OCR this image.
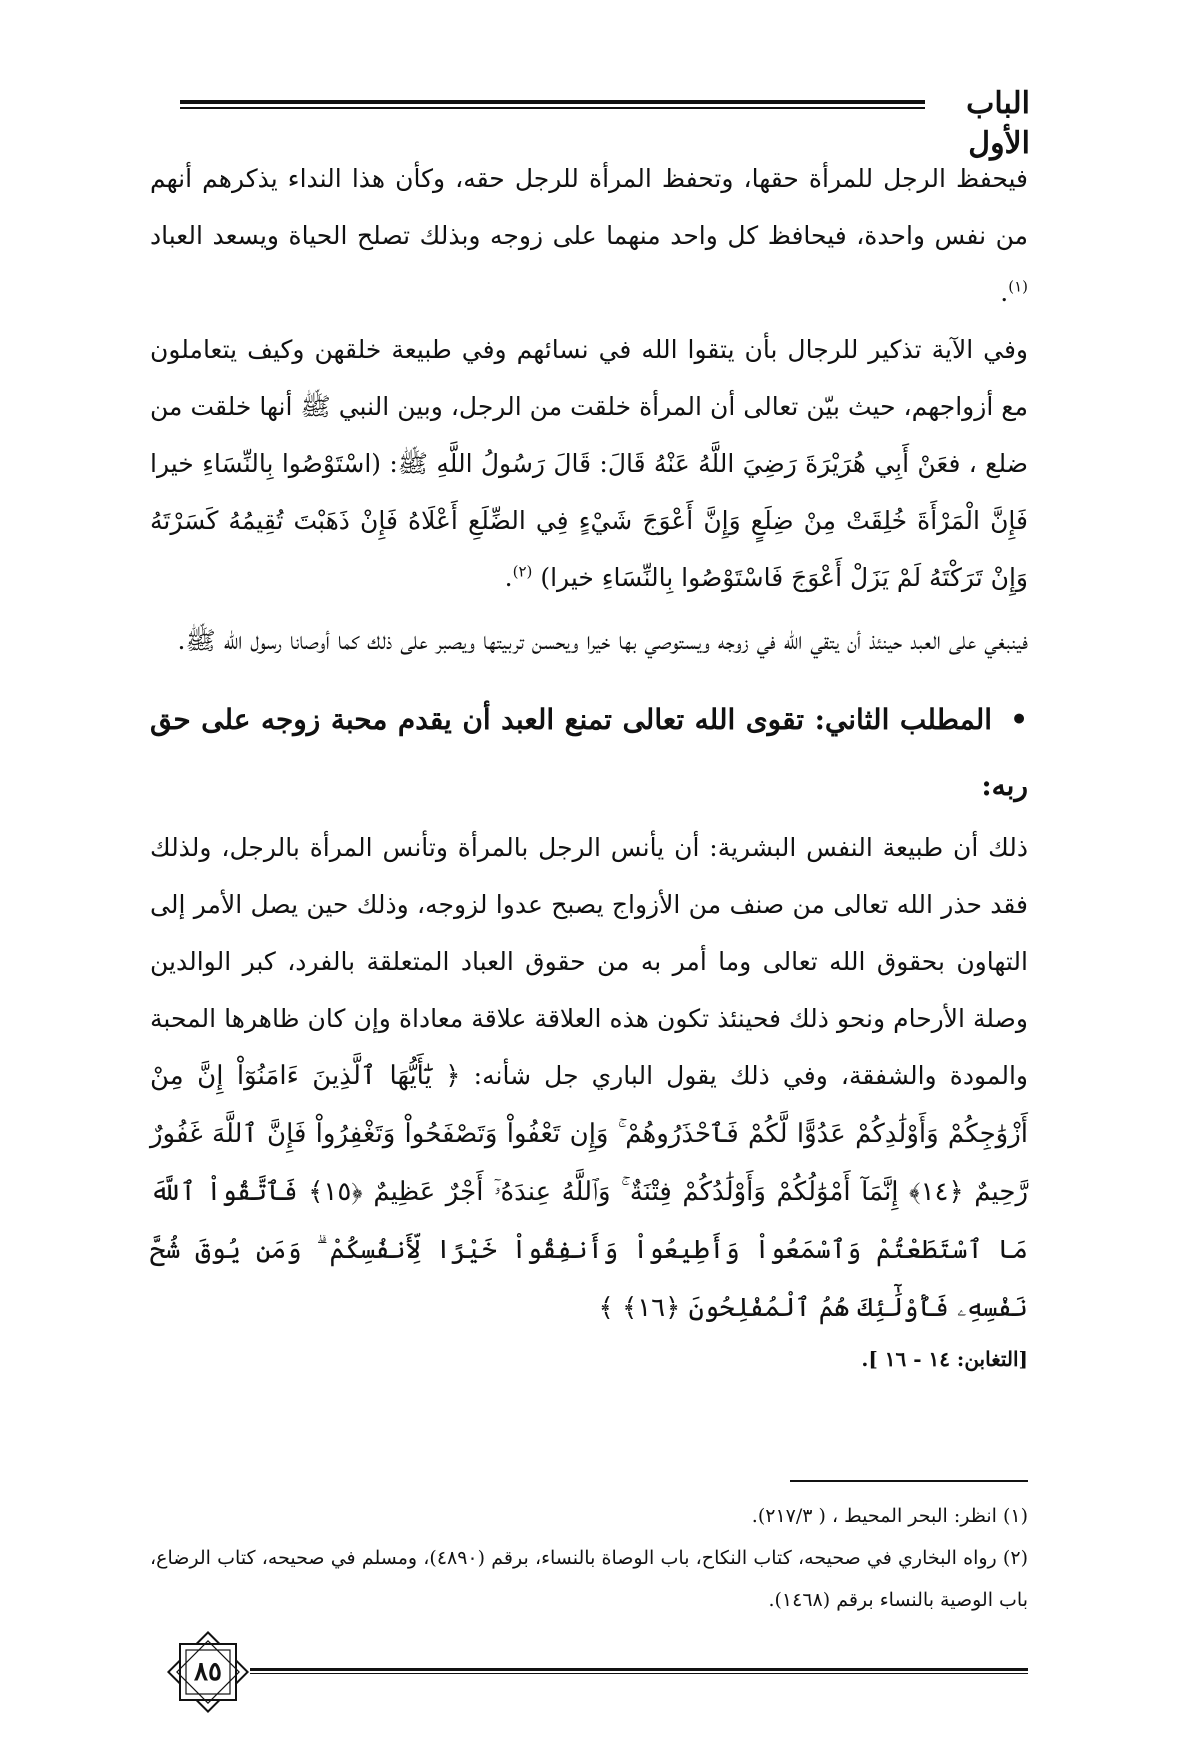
الباب الأول

فيحفظ الرجل للمرأة حقها، وتحفظ المرأة للرجل حقه، وكأن هذا النداء يذكرهم أنهم من نفس واحدة، فيحافظ كل واحد منهما على زوجه وبذلك تصلح الحياة ويسعد العباد $^{(١)}$.

وفي الآية تذكير للرجال بأن يتقوا الله في نسائهم وفي طبيعة خلقهن وكيف يتعاملون مع أزواجهم، حيث بيّن تعالى أن المرأة خلقت من الرجل، وبين النبي ﷺ أنها خلقت من ضلع ، فعَنْ أَبِي هُرَيْرَةَ رَضِيَ اللَّهُ عَنْهُ قَالَ: قَالَ رَسُولُ اللَّهِ ﷺ: (اسْتَوْصُوا بِالنِّسَاءِ خيرا فَإِنَّ الْمَرْأَةَ خُلِقَتْ مِنْ ضِلَعٍ وَإِنَّ أَعْوَجَ شَيْءٍ فِي الضِّلَعِ أَعْلَاهُ فَإِنْ ذَهَبْتَ تُقِيمُهُ كَسَرْتَهُ وَإِنْ تَرَكْتَهُ لَمْ يَزَلْ أَعْوَجَ فَاسْتَوْصُوا بِالنِّسَاءِ خيرا) $^{(٢)}$.

فينبغي على العبد حينئذ أن يتقي الله في زوجه ويستوصي بها خيرا ويحسن تربيتها ويصبر على ذلك كما أوصانا رسول الله ﷺ.

•المطلب الثاني: تقوى الله تعالى تمنع العبد أن يقدم محبة زوجه على حق ربه:

ذلك أن طبيعة النفس البشرية: أن يأنس الرجل بالمرأة وتأنس المرأة بالرجل، ولذلك فقد حذر الله تعالى من صنف من الأزواج يصبح عدوا لزوجه، وذلك حين يصل الأمر إلى التهاون بحقوق الله تعالى وما أمر به من حقوق العباد المتعلقة بالفرد، كبر الوالدين وصلة الأرحام ونحو ذلك فحينئذ تكون هذه العلاقة علاقة معاداة وإن كان ظاهرها المحبة والمودة والشفقة، وفي ذلك يقول الباري جل شأنه: ﴿ يَٰٓأَيُّهَا ٱلَّذِينَ ءَامَنُوٓاْ إِنَّ مِنْ أَزْوَٰجِكُمْ وَأَوْلَٰدِكُمْ عَدُوًّا لَّكُمْ فَٱحْذَرُوهُمْ ۚ وَإِن تَعْفُواْ وَتَصْفَحُواْ وَتَغْفِرُواْ فَإِنَّ ٱللَّهَ غَفُورٌ رَّحِيمٌ ﴿١٤﴾ إِنَّمَآ أَمْوَٰلُكُمْ وَأَوْلَٰدُكُمْ فِتْنَةٌ ۚ وَٱللَّهُ عِندَهُۥٓ أَجْرٌ عَظِيمٌ ﴿١٥﴾ فَٱتَّقُواْ ٱللَّهَ مَا ٱسْتَطَعْتُمْ وَٱسْمَعُواْ وَأَطِيعُواْ وَأَنفِقُواْ خَيْرًا لِّأَنفُسِكُمْ ۗ وَمَن يُوقَ شُحَّ نَفْسِهِۦ فَأُوْلَٰٓئِكَ هُمُ ٱلْمُفْلِحُونَ ﴿١٦﴾ ﴾

[التغابن: ١٤ - ١٦ ].

(١) انظر: البحر المحيط ، ( ٢١٧/٣).

(٢) رواه البخاري في صحيحه، كتاب النكاح، باب الوصاة بالنساء، برقم (٤٨٩٠)، ومسلم في صحيحه، كتاب الرضاع، باب الوصية بالنساء برقم (١٤٦٨).

٨٥
